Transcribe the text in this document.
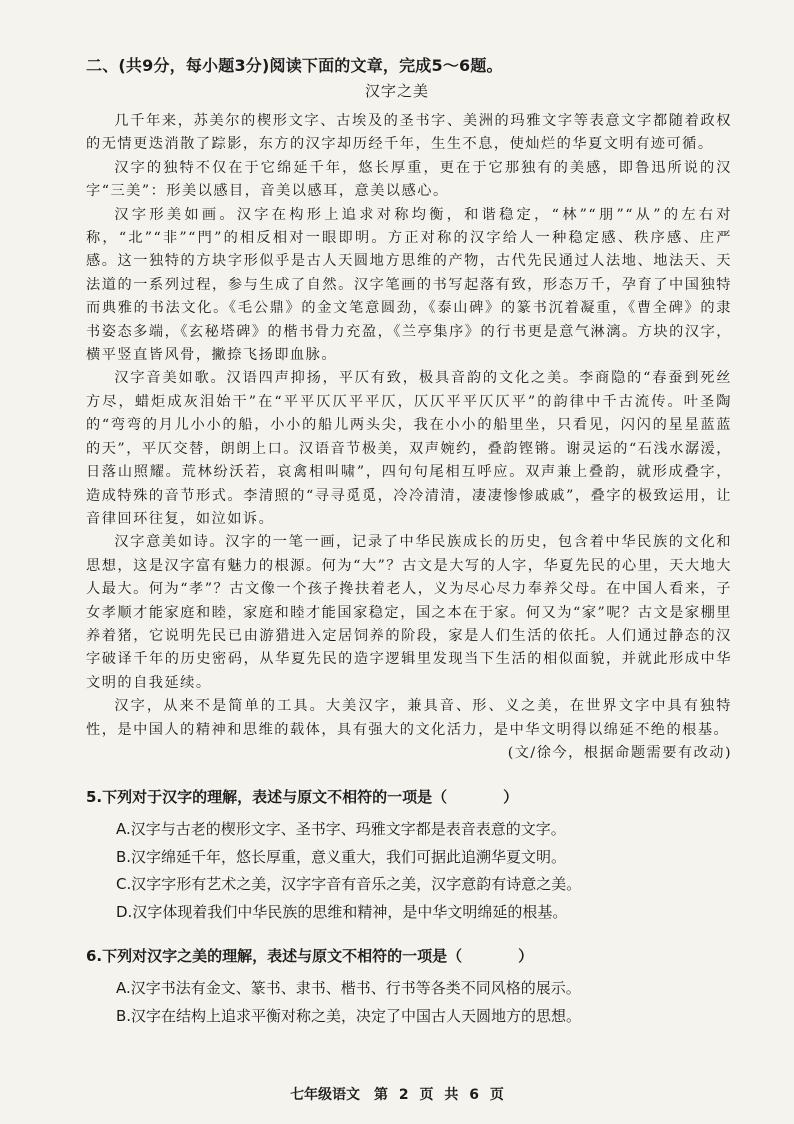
二、(共9分，每小题3分)阅读下面的文章，完成5～6题。
汉字之美

几千年来，苏美尔的楔形文字、古埃及的圣书字、美洲的玛雅文字等表意文字都随着政权的无情更迭消散了踪影，东方的汉字却历经千年，生生不息，使灿烂的华夏文明有迹可循。

汉字的独特不仅在于它绵延千年，悠长厚重，更在于它那独有的美感，即鲁迅所说的汉字“三美”：形美以感目，音美以感耳，意美以感心。

汉字形美如画。汉字在构形上追求对称均衡，和谐稳定，“林”“朋”“从”的左右对称，“北”“非”“門”的相反相对一眼即明。方正对称的汉字给人一种稳定感、秩序感、庄严感。这一独特的方块字形似乎是古人天圆地方思维的产物，古代先民通过人法地、地法天、天法道的一系列过程，参与生成了自然。汉字笔画的书写起落有致，形态万千，孕育了中国独特而典雅的书法文化。《毛公鼎》的金文笔意圆劲，《泰山碑》的篆书沉着凝重，《曹全碑》的隶书姿态多端，《玄秘塔碑》的楷书骨力充盈，《兰亭集序》的行书更是意气淋漓。方块的汉字，横平竖直皆风骨，撇捺飞扬即血脉。

汉字音美如歌。汉语四声抑扬，平仄有致，极具音韵的文化之美。李商隐的“春蚕到死丝方尽，蜡炬成灰泪始干”在“平平仄仄平平仄，仄仄平平仄仄平”的韵律中千古流传。叶圣陶的“弯弯的月儿小小的船，小小的船儿两头尖，我在小小的船里坐，只看见，闪闪的星星蓝蓝的天”，平仄交替，朗朗上口。汉语音节极美，双声婉约，叠韵铿锵。谢灵运的“石浅水潺湲，日落山照耀。荒林纷沃若，哀禽相叫啸”，四句句尾相互呼应。双声兼上叠韵，就形成叠字，造成特殊的音节形式。李清照的“寻寻觅觅，冷冷清清，凄凄惨惨戚戚”，叠字的极致运用，让音律回环往复，如泣如诉。

汉字意美如诗。汉字的一笔一画，记录了中华民族成长的历史，包含着中华民族的文化和思想，这是汉字富有魅力的根源。何为“大”？古文是大写的人字，华夏先民的心里，天大地大人最大。何为“孝”？古文像一个孩子搀扶着老人，义为尽心尽力奉养父母。在中国人看来，子女孝顺才能家庭和睦，家庭和睦才能国家稳定，国之本在于家。何又为“家”呢？古文是家棚里养着猪，它说明先民已由游猎进入定居饲养的阶段，家是人们生活的依托。人们通过静态的汉字破译千年的历史密码，从华夏先民的造字逻辑里发现当下生活的相似面貌，并就此形成中华文明的自我延续。

汉字，从来不是简单的工具。大美汉字，兼具音、形、义之美，在世界文字中具有独特性，是中国人的精神和思维的载体，具有强大的文化活力，是中华文明得以绵延不绝的根基。

(文/徐今，根据命题需要有改动)

5.下列对于汉字的理解，表述与原文不相符的一项是（	）
A.汉字与古老的楔形文字、圣书字、玛雅文字都是表音表意的文字。
B.汉字绵延千年，悠长厚重，意义重大，我们可据此追溯华夏文明。
C.汉字字形有艺术之美，汉字字音有音乐之美，汉字意韵有诗意之美。
D.汉字体现着我们中华民族的思维和精神，是中华文明绵延的根基。
6.下列对汉字之美的理解，表述与原文不相符的一项是（	）
A.汉字书法有金文、篆书、隶书、楷书、行书等各类不同风格的展示。
B.汉字在结构上追求平衡对称之美，决定了中国古人天圆地方的思想。
七年级语文　第 2 页 共 6 页
